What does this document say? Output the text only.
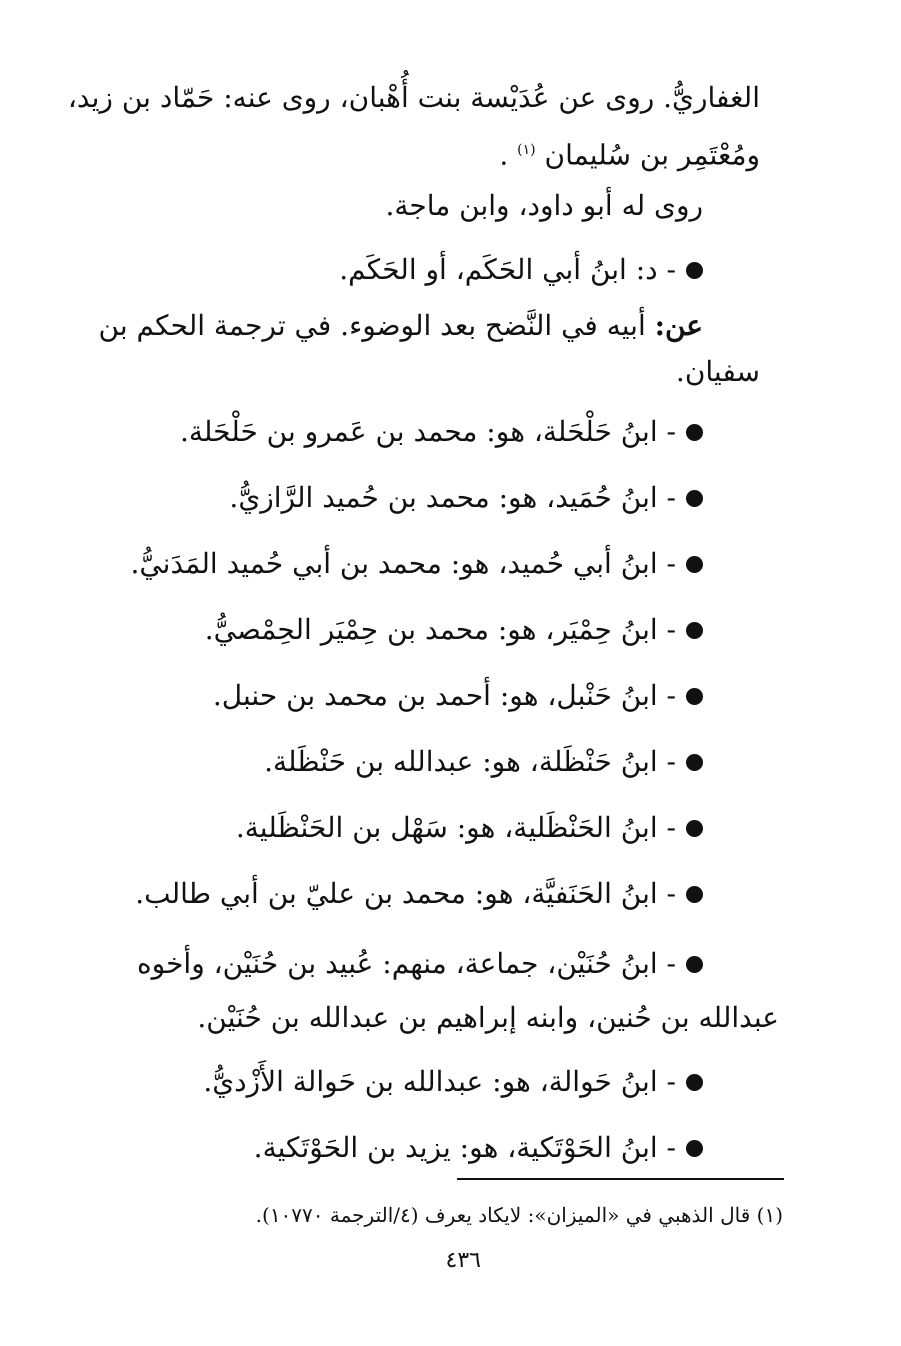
الغفاريُّ. روى عن عُدَيْسة بنت أُهْبان، روى عنه: حَمّاد بن زيد،
ومُعْتَمِر بن سُليمان $^{(١)}$ .
روى له أبو داود، وابن ماجة.
- د: ابنُ أبي الحَكَم، أو الحَكَم.
عن: أبيه في النَّضح بعد الوضوء. في ترجمة الحكم بن
سفيان.
- ابنُ حَلْحَلة، هو: محمد بن عَمرو بن حَلْحَلة.
- ابنُ حُمَيد، هو: محمد بن حُميد الرَّازيُّ.
- ابنُ أبي حُميد، هو: محمد بن أبي حُميد المَدَنيُّ.
- ابنُ حِمْيَر، هو: محمد بن حِمْيَر الحِمْصيُّ.
- ابنُ حَنْبل، هو: أحمد بن محمد بن حنبل.
- ابنُ حَنْظَلة، هو: عبدالله بن حَنْظَلة.
- ابنُ الحَنْظَلية، هو: سَهْل بن الحَنْظَلية.
- ابنُ الحَنَفيَّة، هو: محمد بن عليّ بن أبي طالب.
- ابنُ حُنَيْن، جماعة، منهم: عُبيد بن حُنَيْن، وأخوه
عبدالله بن حُنين، وابنه إبراهيم بن عبدالله بن حُنَيْن.
- ابنُ حَوالة، هو: عبدالله بن حَوالة الأَزْديُّ.
- ابنُ الحَوْتَكية، هو: يزيد بن الحَوْتَكية.
(١) قال الذهبي في «الميزان»: لايكاد يعرف (٤/الترجمة ١٠٧٧٠).
٤٣٦
